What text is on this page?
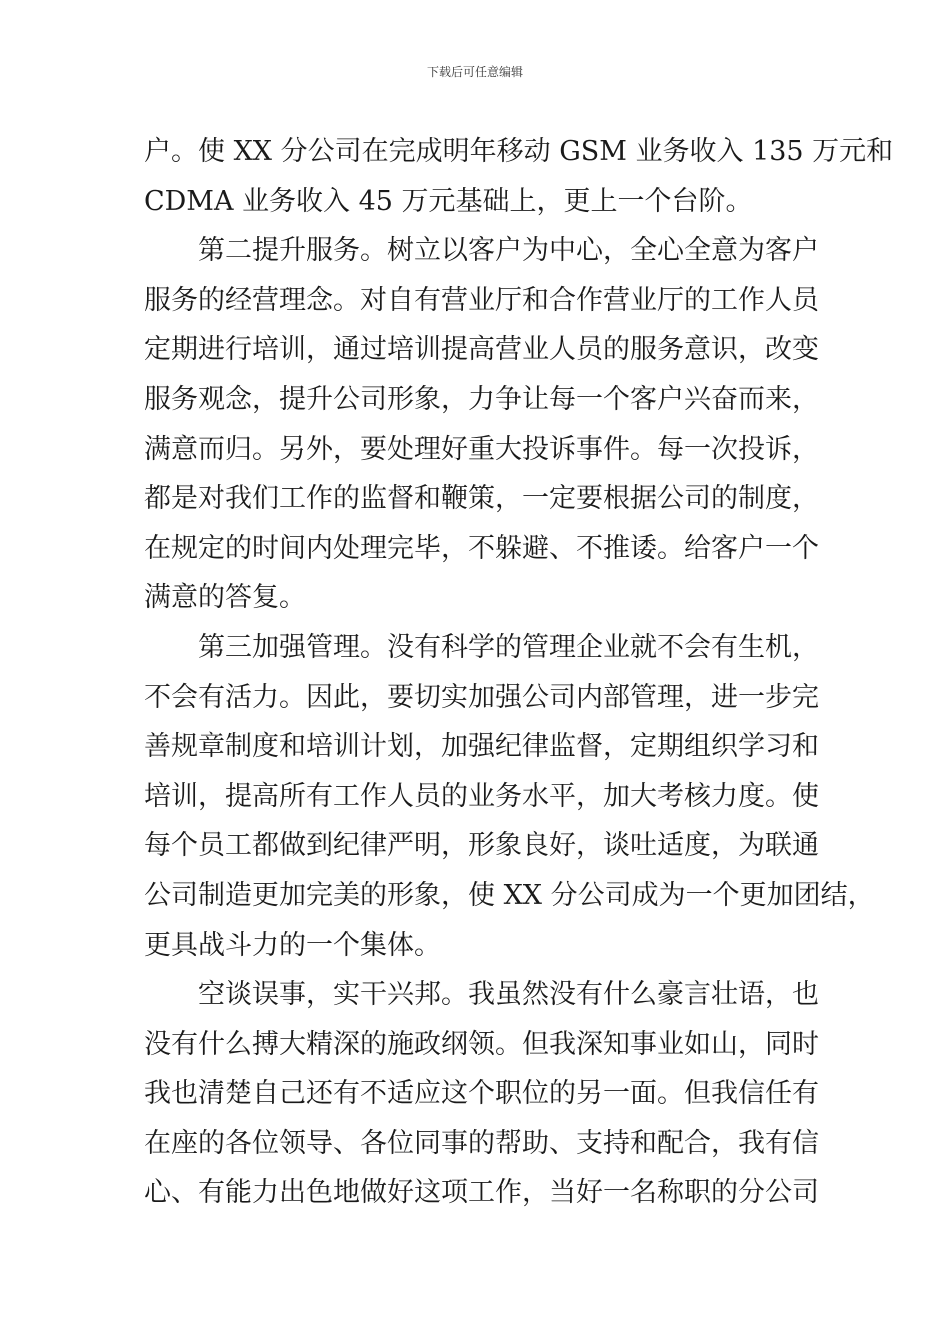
下载后可任意编辑
户。使 XX 分公司在完成明年移动 GSM 业务收入 135 万元和
CDMA 业务收入 45 万元基础上，更上一个台阶。
第二提升服务。树立以客户为中心，全心全意为客户
服务的经营理念。对自有营业厅和合作营业厅的工作人员
定期进行培训，通过培训提高营业人员的服务意识，改变
服务观念，提升公司形象，力争让每一个客户兴奋而来，
满意而归。另外，要处理好重大投诉事件。每一次投诉，
都是对我们工作的监督和鞭策，一定要根据公司的制度，
在规定的时间内处理完毕，不躲避、不推诿。给客户一个
满意的答复。
第三加强管理。没有科学的管理企业就不会有生机，
不会有活力。因此，要切实加强公司内部管理，进一步完
善规章制度和培训计划，加强纪律监督，定期组织学习和
培训，提高所有工作人员的业务水平，加大考核力度。使
每个员工都做到纪律严明，形象良好，谈吐适度，为联通
公司制造更加完美的形象，使 XX 分公司成为一个更加团结，
更具战斗力的一个集体。
空谈误事，实干兴邦。我虽然没有什么豪言壮语，也
没有什么搏大精深的施政纲领。但我深知事业如山，同时
我也清楚自己还有不适应这个职位的另一面。但我信任有
在座的各位领导、各位同事的帮助、支持和配合，我有信
心、有能力出色地做好这项工作，当好一名称职的分公司
